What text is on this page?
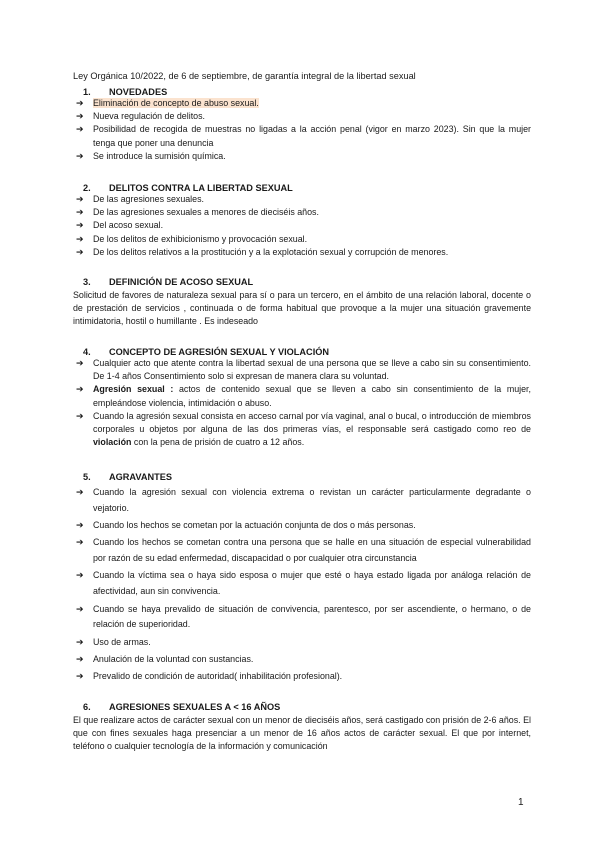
Ley Orgánica 10/2022, de 6 de septiembre, de garantía integral de la libertad sexual
1. NOVEDADES
➔ Eliminación de concepto de abuso sexual.
➔ Nueva regulación de delitos.
➔ Posibilidad de recogida de muestras no ligadas a la acción penal (vigor en marzo 2023). Sin que la mujer tenga que poner una denuncia
➔ Se introduce la sumisión química.
2. DELITOS CONTRA LA LIBERTAD SEXUAL
➔ De las agresiones sexuales.
➔ De las agresiones sexuales a menores de dieciséis años.
➔ Del acoso sexual.
➔ De los delitos de exhibicionismo y provocación sexual.
➔ De los delitos relativos a la prostitución y a la explotación sexual y corrupción de menores.
3. DEFINICIÓN DE ACOSO SEXUAL
Solicitud de favores de naturaleza sexual para sí o para un tercero, en el ámbito de una relación laboral, docente o de prestación de servicios , continuada o de forma habitual que provoque a la mujer una situación gravemente intimidatoria, hostil o humillante . Es indeseado
4. CONCEPTO DE AGRESIÓN SEXUAL Y VIOLACIÓN
➔ Cualquier acto que atente contra la libertad sexual de una persona que se lleve a cabo sin su consentimiento. De 1-4 años Consentimiento solo si expresan de manera clara su voluntad.
➔ Agresión sexual : actos de contenido sexual que se lleven a cabo sin consentimiento de la mujer, empleándose violencia, intimidación o abuso.
➔ Cuando la agresión sexual consista en acceso carnal por vía vaginal, anal o bucal, o introducción de miembros corporales u objetos por alguna de las dos primeras vías, el responsable será castigado como reo de violación con la pena de prisión de cuatro a 12 años.
5. AGRAVANTES
➔ Cuando la agresión sexual con violencia extrema o revistan un carácter particularmente degradante o vejatorio.
➔ Cuando los hechos se cometan por la actuación conjunta de dos o más personas.
➔ Cuando los hechos se cometan contra una persona que se halle en una situación de especial vulnerabilidad por razón de su edad enfermedad, discapacidad o por cualquier otra circunstancia
➔ Cuando la víctima sea o haya sido esposa o mujer que esté o haya estado ligada por análoga relación de afectividad, aun sin convivencia.
➔ Cuando se haya prevalido de situación de convivencia, parentesco, por ser ascendiente, o hermano, o de relación de superioridad.
➔ Uso de armas.
➔ Anulación de la voluntad con sustancias.
➔ Prevalido de condición de autoridad( inhabilitación profesional).
6. AGRESIONES SEXUALES A < 16 AÑOS
El que realizare actos de carácter sexual con un menor de dieciséis años, será castigado con prisión de 2-6 años. El que con fines sexuales haga presenciar a un menor de 16 años actos de carácter sexual. El que por internet, teléfono o cualquier tecnología de la información y comunicación
1
